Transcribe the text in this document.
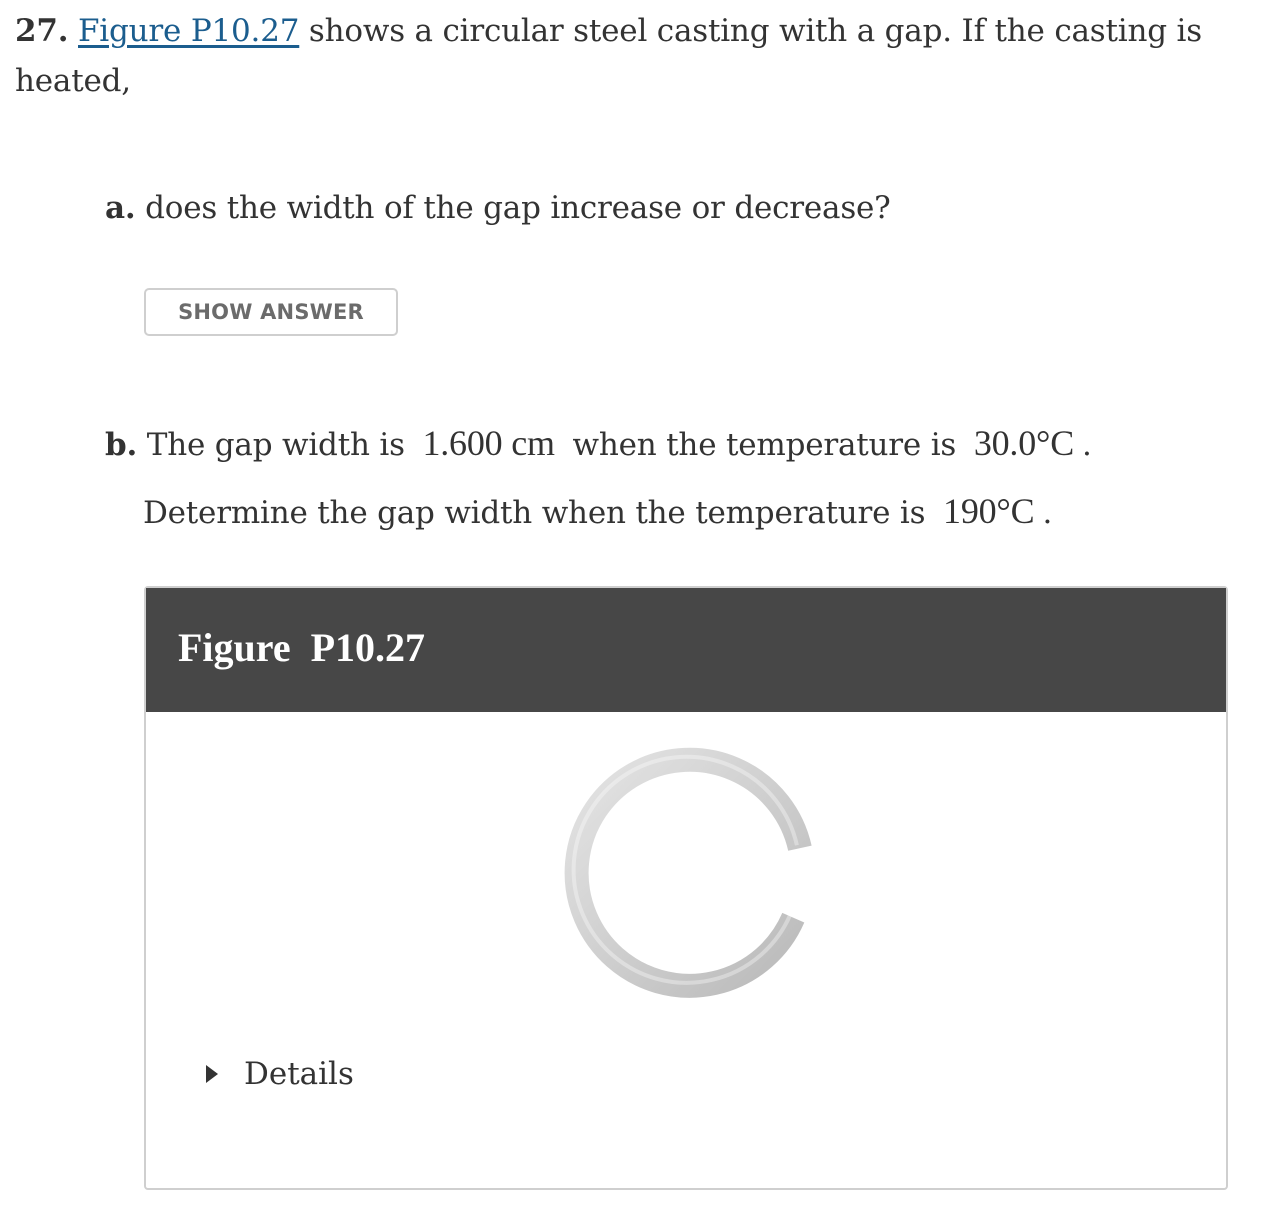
27. Figure P10.27 shows a circular steel casting with a gap. If the casting is
heated,
a. does the width of the gap increase or decrease?
SHOW ANSWER
b. The gap width is 1.600 cm when the temperature is 30.0°C .
Determine the gap width when the temperature is 190°C .
Figure P10.27
Details
